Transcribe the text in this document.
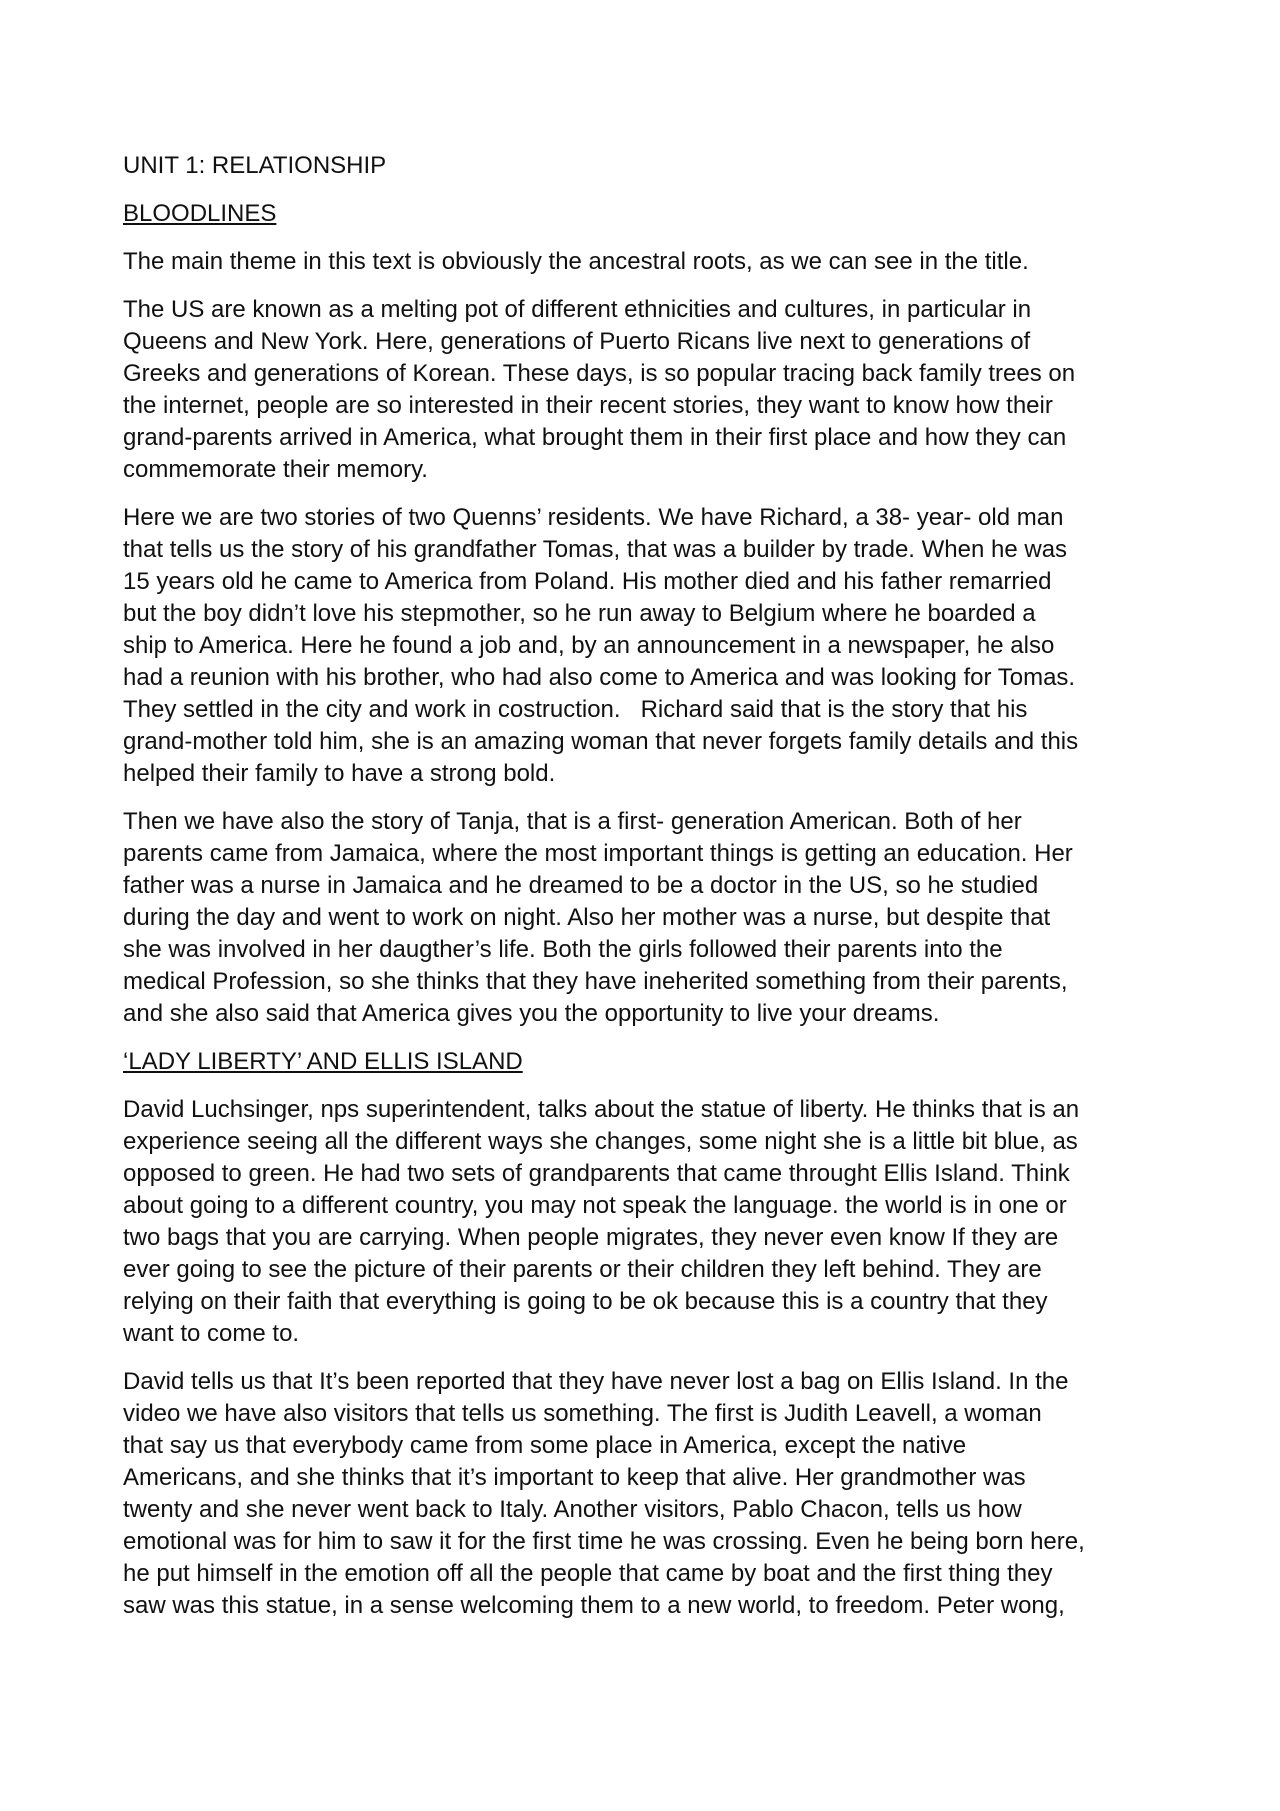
UNIT 1: RELATIONSHIP
BLOODLINES
The main theme in this text is obviously the ancestral roots, as we can see in the title.
The US are known as a melting pot of different ethnicities and cultures, in particular in
Queens and New York. Here, generations of Puerto Ricans live next to generations of
Greeks and generations of Korean. These days, is so popular tracing back family trees on
the internet, people are so interested in their recent stories, they want to know how their
grand-parents arrived in America, what brought them in their first place and how they can
commemorate their memory.
Here we are two stories of two Quenns’ residents. We have Richard, a 38- year- old man
that tells us the story of his grandfather Tomas, that was a builder by trade. When he was
15 years old he came to America from Poland. His mother died and his father remarried
but the boy didn’t love his stepmother, so he run away to Belgium where he boarded a
ship to America. Here he found a job and, by an announcement in a newspaper, he also
had a reunion with his brother, who had also come to America and was looking for Tomas.
They settled in the city and work in costruction.   Richard said that is the story that his
grand-mother told him, she is an amazing woman that never forgets family details and this
helped their family to have a strong bold.
Then we have also the story of Tanja, that is a first- generation American. Both of her
parents came from Jamaica, where the most important things is getting an education. Her
father was a nurse in Jamaica and he dreamed to be a doctor in the US, so he studied
during the day and went to work on night. Also her mother was a nurse, but despite that
she was involved in her daugther’s life. Both the girls followed their parents into the
medical Profession, so she thinks that they have ineherited something from their parents,
and she also said that America gives you the opportunity to live your dreams.
‘LADY LIBERTY’ AND ELLIS ISLAND
David Luchsinger, nps superintendent, talks about the statue of liberty. He thinks that is an
experience seeing all the different ways she changes, some night she is a little bit blue, as
opposed to green. He had two sets of grandparents that came throught Ellis Island. Think
about going to a different country, you may not speak the language. the world is in one or
two bags that you are carrying. When people migrates, they never even know If they are
ever going to see the picture of their parents or their children they left behind. They are
relying on their faith that everything is going to be ok because this is a country that they
want to come to.
David tells us that It’s been reported that they have never lost a bag on Ellis Island. In the
video we have also visitors that tells us something. The first is Judith Leavell, a woman
that say us that everybody came from some place in America, except the native
Americans, and she thinks that it’s important to keep that alive. Her grandmother was
twenty and she never went back to Italy. Another visitors, Pablo Chacon, tells us how
emotional was for him to saw it for the first time he was crossing. Even he being born here,
he put himself in the emotion off all the people that came by boat and the first thing they
saw was this statue, in a sense welcoming them to a new world, to freedom. Peter wong,
